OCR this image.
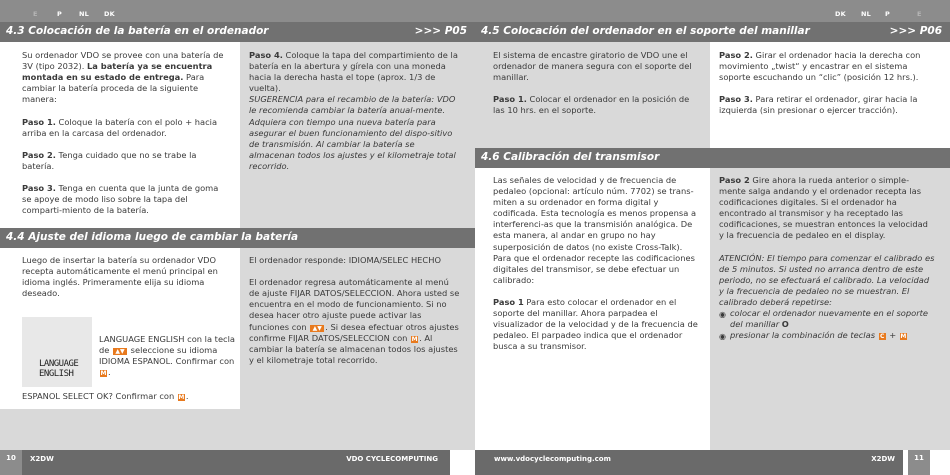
E	P	NL DK	DK NL P	E
4.3 Colocación de la batería en el ordenador	>>> P05

Su ordenador VDO se provee con una batería de 3V (tipo 2032). La batería ya se encuentra montada en su estado de entrega. Para cambiar la batería proceda de la siguiente manera:

Paso 1. Coloque la batería con el polo + hacia arriba en la carcasa del ordenador.

Paso 2. Tenga cuidado que no se trabe la batería.

Paso 3. Tenga en cuenta que la junta de goma se apoye de modo liso sobre la tapa del comparti-miento de la batería.

Paso 4. Coloque la tapa del compartimiento de la batería en la abertura y gírela con una moneda hacia la derecha hasta el tope (aprox. 1/3 de vuelta).

SUGERENCIA para el recambio de la batería: VDO le recomienda cambiar la batería anual-mente. Adquiera con tiempo una nueva batería para asegurar el buen funcionamiento del dispo-sitivo de transmisión. Al cambiar la batería se almacenan todos los ajustes y el kilometraje total recorrido.

4.4 Ajuste del idioma luego de cambiar la batería

Luego de insertar la batería su ordenador VDO recepta automáticamente el menú principal en idioma inglés. Primeramente elija su idioma deseado.

LANGUAGE
ENGLISH

LANGUAGE ENGLISH con la tecla de ▲▼ seleccione su idioma IDIOMA ESPANOL. Confirmar con M .

ESPANOL SELECT OK? Confirmar con M .

El ordenador responde: IDIOMA/SELEC HECHO

El ordenador regresa automáticamente al menú de ajuste FIJAR DATOS/SELECCION. Ahora usted se encuentra en el modo de funcionamiento. Si no desea hacer otro ajuste puede activar las funciones con ▲▼ . Si desea efectuar otros ajustes confirme FIJAR DATOS/SELECCION con M . Al cambiar la batería se almacenan todos los ajustes y el kilometraje total recorrido.

4.5 Colocación del ordenador en el soporte del manillar	>>> P06

El sistema de encastre giratorio de VDO une el ordenador de manera segura con el soporte del manillar.

Paso 1. Colocar el ordenador en la posición de las 10 hrs. en el soporte.

Paso 2. Girar el ordenador hacia la derecha con movimiento „twist“ y encastrar en el sistema soporte escuchando un “clic” (posición 12 hrs.).

Paso 3. Para retirar el ordenador, girar hacia la izquierda (sin presionar o ejercer tracción).

4.6 Calibración del transmisor

Las señales de velocidad y de frecuencia de pedaleo (opcional: artículo núm. 7702) se trans-miten a su ordenador en forma digital y codificada. Esta tecnología es menos propensa a interferenci-as que la transmisión analógica. De esta manera, al andar en grupo no hay superposición de datos (no existe Cross-Talk). Para que el ordenador recepte las codificaciones digitales del transmisor, se debe efectuar un calibrado:

Paso 1 Para esto colocar el ordenador en el soporte del manillar. Ahora parpadea el visualizador de la velocidad y de la frecuencia de pedaleo. El parpadeo indica que el ordenador busca a su transmisor.

Paso 2 Gire ahora la rueda anterior o simple-mente salga andando y el ordenador recepta las codificaciones digitales. Si el ordenador ha encontrado al transmisor y ha receptado las codificaciones, se muestran entonces la velocidad y la frecuencia de pedaleo en el display.

ATENCIÓN: El tiempo para comenzar el calibrado es de 5 minutos. Si usted no arranca dentro de este periodo, no se efectuará el calibrado. La velocidad y la frecuencia de pedaleo no se muestran. El calibrado deberá repetirse:

◉ colocar el ordenador nuevamente en el soporte del manillar O
◉ presionar la combinación de teclas C + M
X2DW	VDO CYCLECOMPUTING
10	www.vdocyclecomputing.com	X2DW	11
